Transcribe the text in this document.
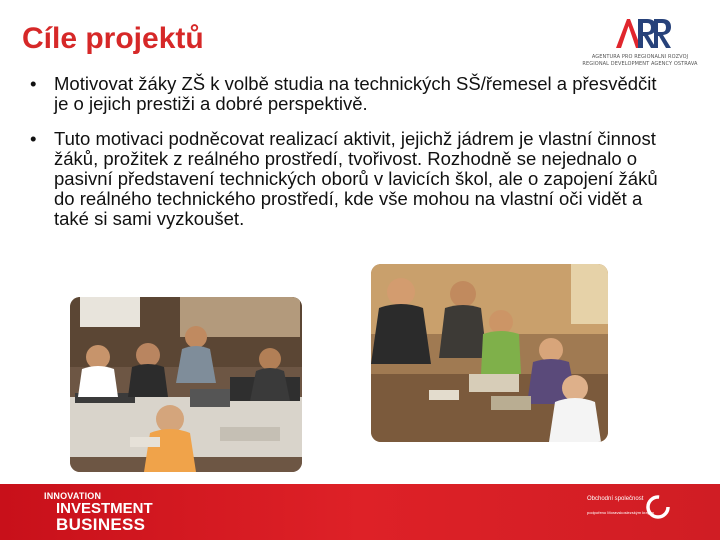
Cíle projektů
AGENTURA PRO REGIONÁLNÍ ROZVOJ
REGIONAL DEVELOPMENT AGENCY OSTRAVA
• Motivovat žáky ZŠ k volbě studia na technických SŠ/řemesel a přesvědčit je o jejich prestiži a dobré perspektivě.
• Tuto motivaci podněcovat realizací aktivit, jejichž jádrem je vlastní činnost žáků, prožitek z reálného prostředí, tvořivost. Rozhodně se nejednalo o pasivní představení technických oborů v lavicích škol, ale o zapojení žáků do reálného technického prostředí, kde vše mohou na vlastní oči vidět a také si sami vyzkoušet.
INNOVATION
INVESTMENT
BUSINESS
Obchodní společnost
podpořeno Moravskoslezským krajem
